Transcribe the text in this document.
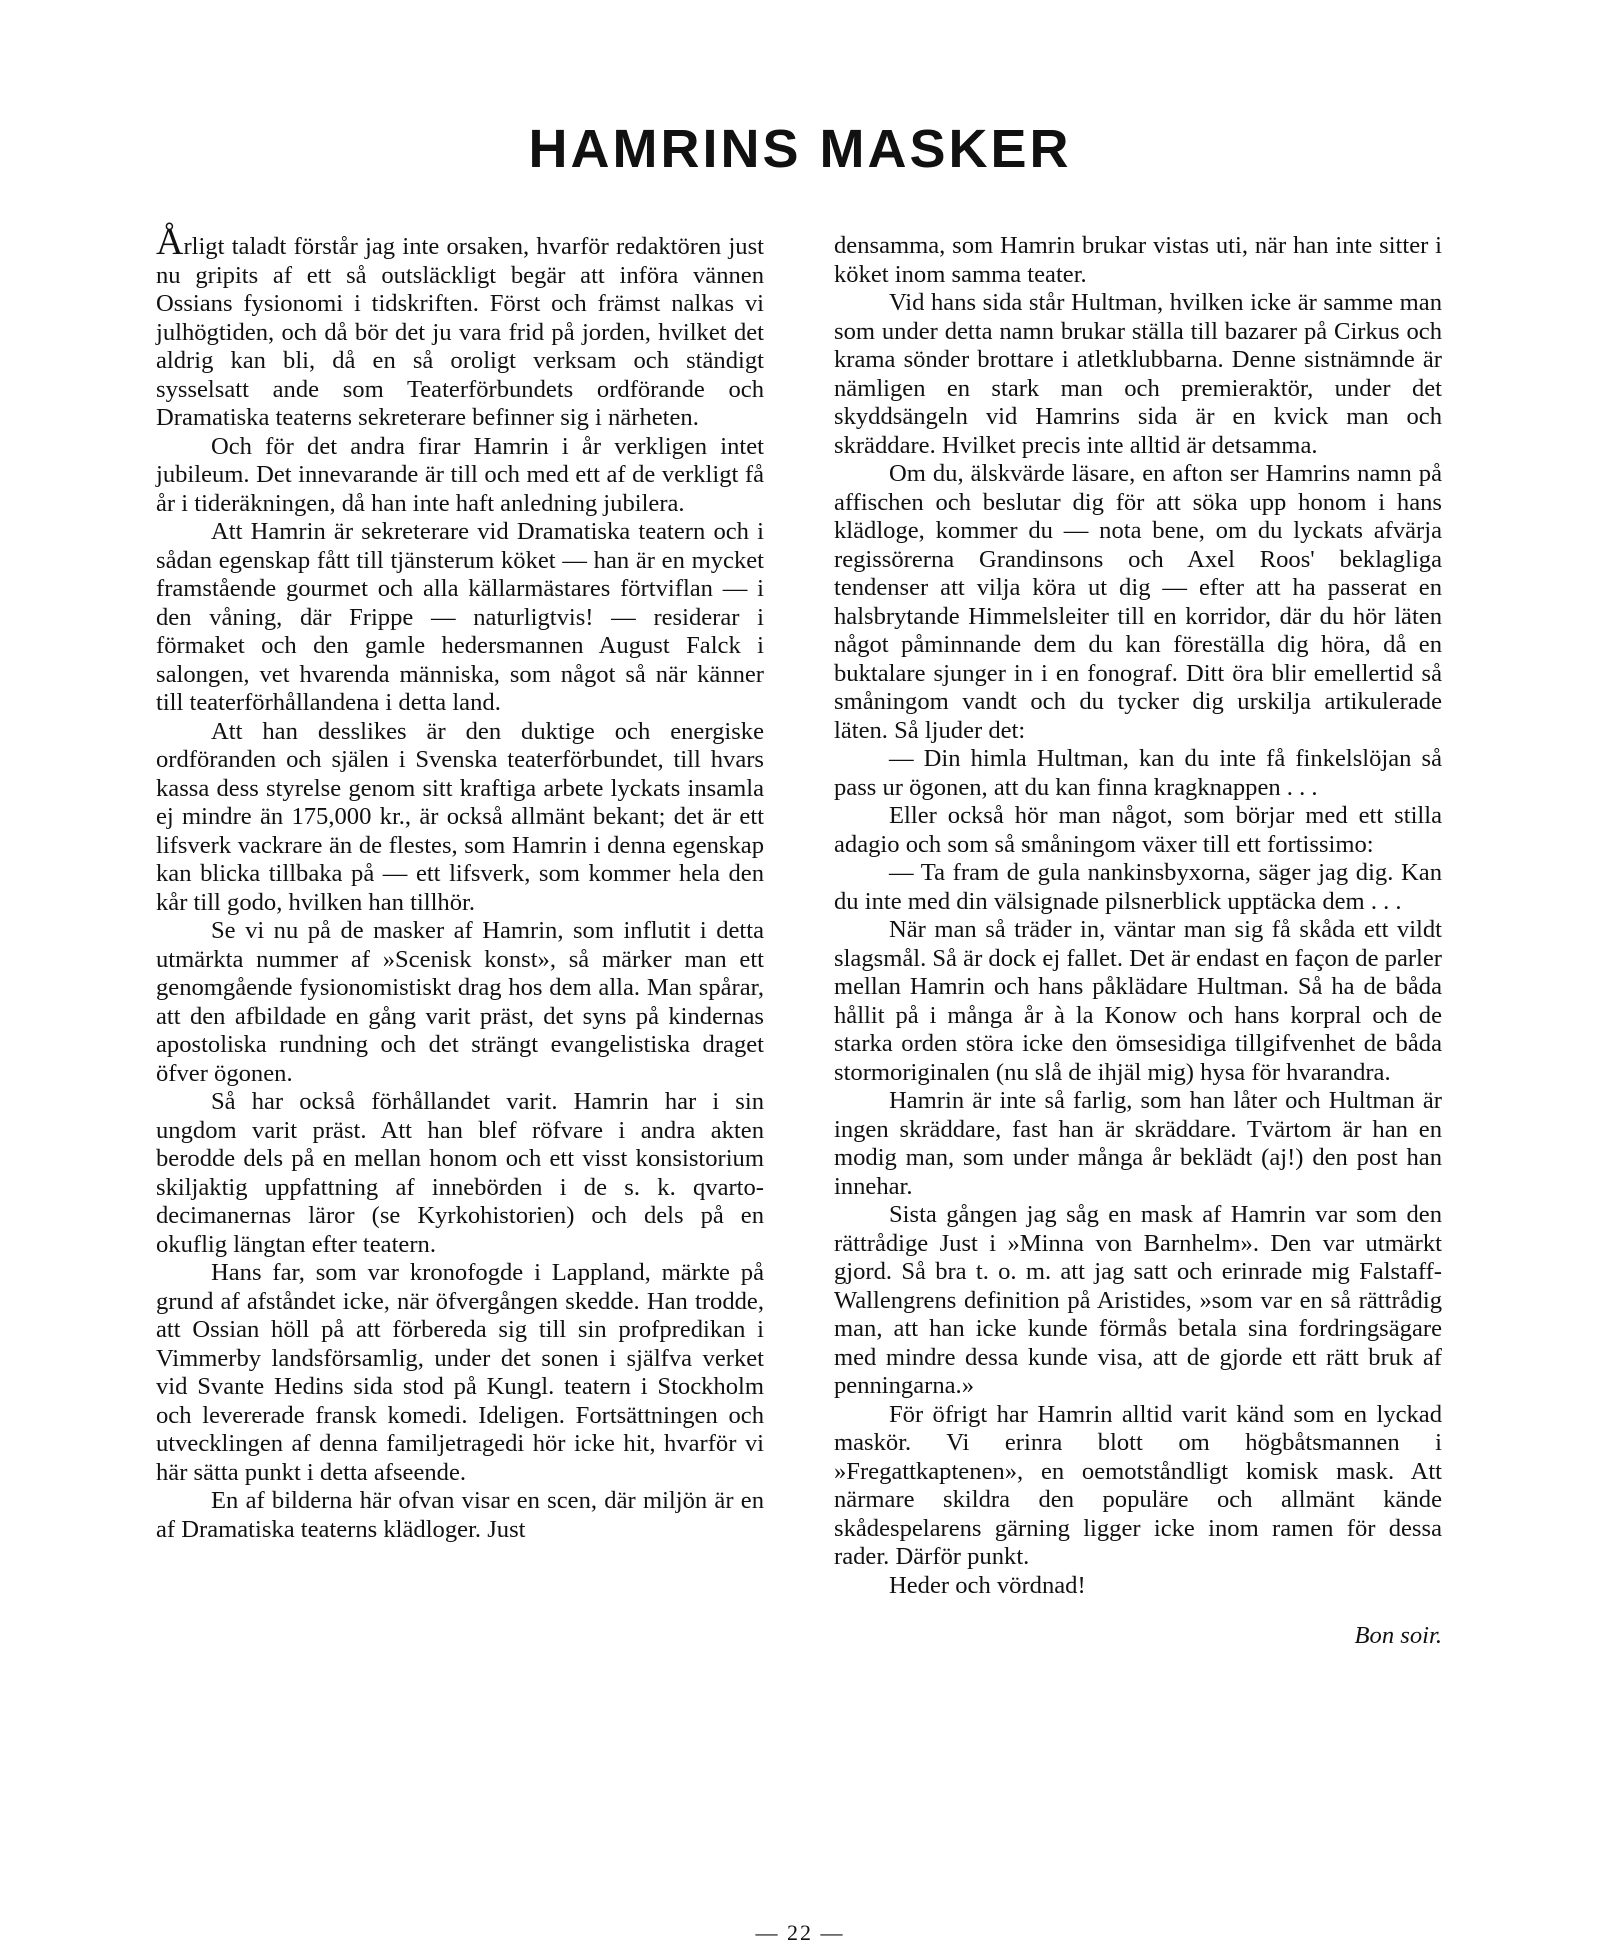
HAMRINS MASKER

Årligt taladt förstår jag inte orsaken, hvarför redaktören just nu gripits af ett så outsläckligt begär att införa vännen Ossians fysionomi i tidskriften. Först och främst nalkas vi julhögtiden, och då bör det ju vara frid på jorden, hvilket det aldrig kan bli, då en så oroligt verksam och ständigt sysselsatt ande som Teaterförbundets ordförande och Dramatiska teaterns sekreterare befinner sig i närheten.

Och för det andra firar Hamrin i år verkligen intet jubileum. Det innevarande är till och med ett af de verkligt få år i tideräkningen, då han inte haft anledning jubilera.

Att Hamrin är sekreterare vid Dramatiska teatern och i sådan egenskap fått till tjänsterum köket — han är en mycket framstående gourmet och alla källarmästares förtviflan — i den våning, där Frippe — naturligtvis! — residerar i förmaket och den gamle hedersmannen August Falck i salongen, vet hvarenda människa, som något så när känner till teaterförhållandena i detta land.

Att han desslikes är den duktige och energiske ordföranden och själen i Svenska teaterförbundet, till hvars kassa dess styrelse genom sitt kraftiga arbete lyckats insamla ej mindre än 175,000 kr., är också allmänt bekant; det är ett lifsverk vackrare än de flestes, som Hamrin i denna egenskap kan blicka tillbaka på — ett lifsverk, som kommer hela den kår till godo, hvilken han tillhör.

Se vi nu på de masker af Hamrin, som influtit i detta utmärkta nummer af »Scenisk konst», så märker man ett genomgående fysionomistiskt drag hos dem alla. Man spårar, att den afbildade en gång varit präst, det syns på kindernas apostoliska rundning och det strängt evangelistiska draget öfver ögonen.

Så har också förhållandet varit. Hamrin har i sin ungdom varit präst. Att han blef röfvare i andra akten berodde dels på en mellan honom och ett visst konsistorium skiljaktig uppfattning af innebörden i de s. k. qvarto-decimanernas läror (se Kyrkohistorien) och dels på en okuflig längtan efter teatern.

Hans far, som var kronofogde i Lappland, märkte på grund af afståndet icke, när öfvergången skedde. Han trodde, att Ossian höll på att förbereda sig till sin profpredikan i Vimmerby landsförsamlig, under det sonen i själfva verket vid Svante Hedins sida stod på Kungl. teatern i Stockholm och levererade fransk komedi. Ideligen. Fortsättningen och utvecklingen af denna familjetragedi hör icke hit, hvarför vi här sätta punkt i detta afseende.

En af bilderna här ofvan visar en scen, där miljön är en af Dramatiska teaterns klädloger. Just

densamma, som Hamrin brukar vistas uti, när han inte sitter i köket inom samma teater.

Vid hans sida står Hultman, hvilken icke är samme man som under detta namn brukar ställa till bazarer på Cirkus och krama sönder brottare i atletklubbarna. Denne sistnämnde är nämligen en stark man och premieraktör, under det skyddsängeln vid Hamrins sida är en kvick man och skräddare. Hvilket precis inte alltid är detsamma.

Om du, älskvärde läsare, en afton ser Hamrins namn på affischen och beslutar dig för att söka upp honom i hans klädloge, kommer du — nota bene, om du lyckats afvärja regissörerna Grandinsons och Axel Roos' beklagliga tendenser att vilja köra ut dig — efter att ha passerat en halsbrytande Himmelsleiter till en korridor, där du hör läten något påminnande dem du kan föreställa dig höra, då en buktalare sjunger in i en fonograf. Ditt öra blir emellertid så småningom vandt och du tycker dig urskilja artikulerade läten. Så ljuder det:

— Din himla Hultman, kan du inte få finkelslöjan så pass ur ögonen, att du kan finna kragknappen . . .

Eller också hör man något, som börjar med ett stilla adagio och som så småningom växer till ett fortissimo:

— Ta fram de gula nankinsbyxorna, säger jag dig. Kan du inte med din välsignade pilsnerblick upptäcka dem . . .

När man så träder in, väntar man sig få skåda ett vildt slagsmål. Så är dock ej fallet. Det är endast en façon de parler mellan Hamrin och hans påklädare Hultman. Så ha de båda hållit på i många år à la Konow och hans korpral och de starka orden störa icke den ömsesidiga tillgifvenhet de båda stormoriginalen (nu slå de ihjäl mig) hysa för hvarandra.

Hamrin är inte så farlig, som han låter och Hultman är ingen skräddare, fast han är skräddare. Tvärtom är han en modig man, som under många år beklädt (aj!) den post han innehar.

Sista gången jag såg en mask af Hamrin var som den rättrådige Just i »Minna von Barnhelm». Den var utmärkt gjord. Så bra t. o. m. att jag satt och erinrade mig Falstaff-Wallengrens definition på Aristides, »som var en så rättrådig man, att han icke kunde förmås betala sina fordringsägare med mindre dessa kunde visa, att de gjorde ett rätt bruk af penningarna.»

För öfrigt har Hamrin alltid varit känd som en lyckad maskör. Vi erinra blott om högbåtsmannen i »Fregattkaptenen», en oemotståndligt komisk mask. Att närmare skildra den populäre och allmänt kände skådespelarens gärning ligger icke inom ramen för dessa rader. Därför punkt.

Heder och vördnad!

Bon soir.

— 22 —
